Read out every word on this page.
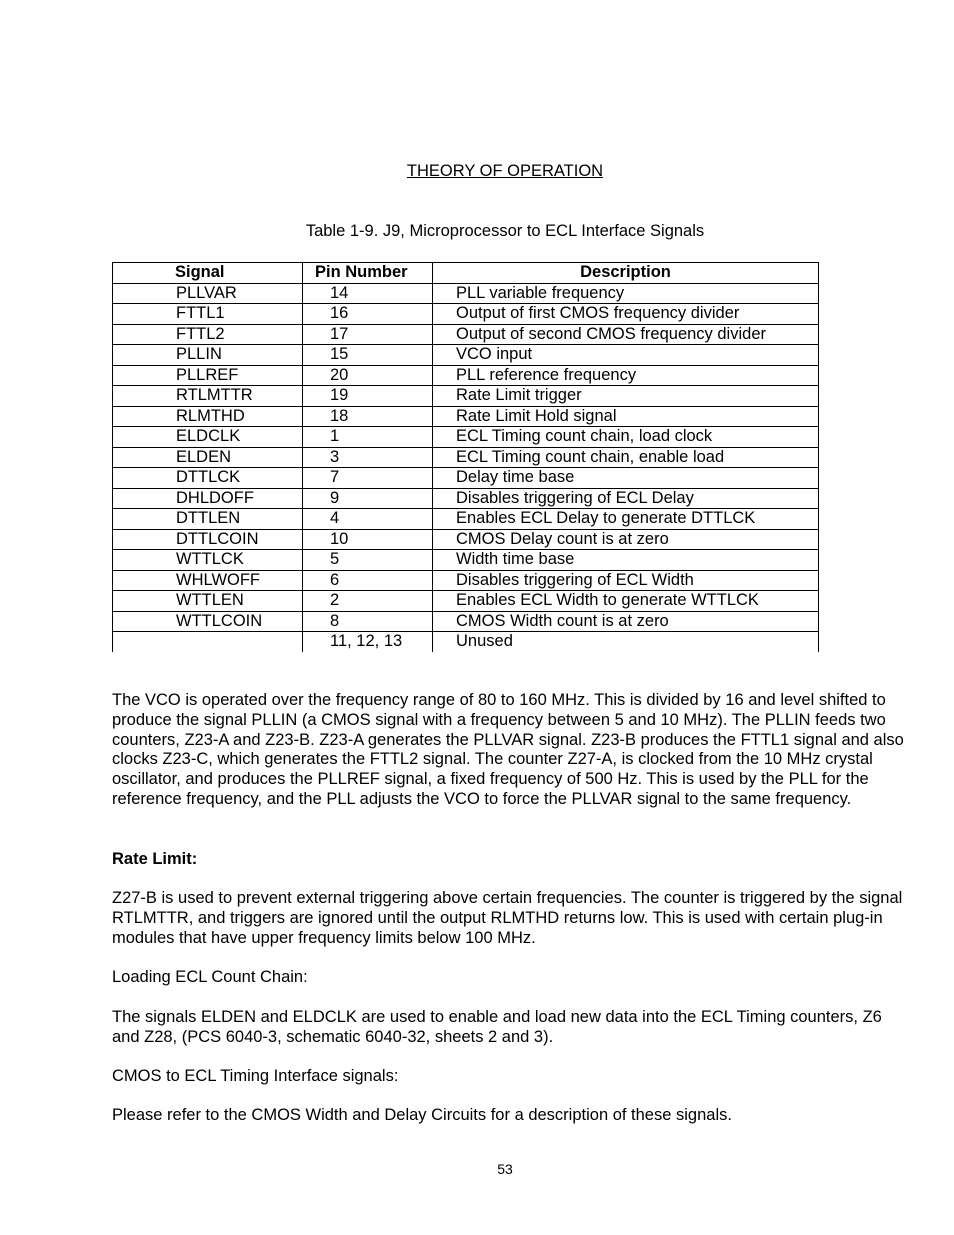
THEORY OF OPERATION
Table 1-9. J9, Microprocessor to ECL Interface Signals
Signal	Pin Number	Description
PLLVAR	14	PLL variable frequency
FTTL1	16	Output of first CMOS frequency divider
FTTL2	17	Output of second CMOS frequency divider
PLLIN	15	VCO input
PLLREF	20	PLL reference frequency
RTLMTTR	19	Rate Limit trigger
RLMTHD	18	Rate Limit Hold signal
ELDCLK	1	ECL Timing count chain, load clock
ELDEN	3	ECL Timing count chain, enable load
DTTLCK	7	Delay time base
DHLDOFF	9	Disables triggering of ECL Delay
DTTLEN	4	Enables ECL Delay to generate DTTLCK
DTTLCOIN	10	CMOS Delay count is at zero
WTTLCK	5	Width time base
WHLWOFF	6	Disables triggering of ECL Width
WTTLEN	2	Enables ECL Width to generate WTTLCK
WTTLCOIN	8	CMOS Width count is at zero
	11, 12, 13	Unused

The VCO is operated over the frequency range of 80 to 160 MHz. This is divided by 16 and level shifted to produce the signal PLLIN (a CMOS signal with a frequency between 5 and 10 MHz). The PLLIN feeds two counters, Z23-A and Z23-B. Z23-A generates the PLLVAR signal. Z23-B produces the FTTL1 signal and also clocks Z23-C, which generates the FTTL2 signal. The counter Z27-A, is clocked from the 10 MHz crystal oscillator, and produces the PLLREF signal, a fixed frequency of 500 Hz. This is used by the PLL for the reference frequency, and the PLL adjusts the VCO to force the PLLVAR signal to the same frequency.

Rate Limit:

Z27-B is used to prevent external triggering above certain frequencies. The counter is triggered by the signal RTLMTTR, and triggers are ignored until the output RLMTHD returns low. This is used with certain plug-in modules that have upper frequency limits below 100 MHz.

Loading ECL Count Chain:

The signals ELDEN and ELDCLK are used to enable and load new data into the ECL Timing counters, Z6 and Z28, (PCS 6040-3, schematic 6040-32, sheets 2 and 3).

CMOS to ECL Timing Interface signals:

Please refer to the CMOS Width and Delay Circuits for a description of these signals.

53
